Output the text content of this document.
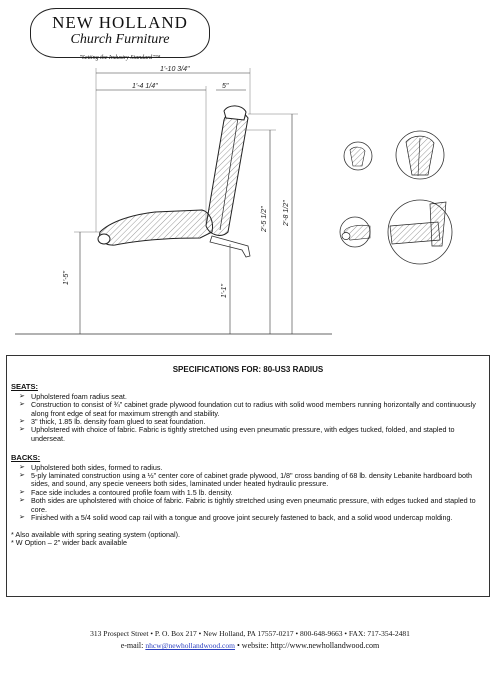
NEW HOLLAND
Church Furniture
"Setting the Industry Standard"™
1'-10 3/4"
1'-4 1/4"	5"
1'-5"
1'-1"
2'-5 1/2" 2'-8 1/2"
SPECIFICATIONS FOR: 80-US3 RADIUS
SEATS:
➢ Upholstered foam radius seat.
➢ Construction to consist of ¾" cabinet grade plywood foundation cut to radius with solid wood members running horizontally and continuously along front edge of seat for maximum strength and stability.
➢ 3" thick, 1.85 lb. density foam glued to seat foundation.
➢ Upholstered with choice of fabric. Fabric is tightly stretched using even pneumatic pressure, with edges tucked, folded, and stapled to underseat.
BACKS:
➢ Upholstered both sides, formed to radius.
➢ 5-ply laminated construction using a ½" center core of cabinet grade plywood, 1/8" cross banding of 68 lb. density Lebanite hardboard both sides, and sound, any specie veneers both sides, laminated under heated hydraulic pressure.
➢ Face side includes a contoured profile foam with 1.5 lb. density.
➢ Both sides are upholstered with choice of fabric. Fabric is tightly stretched using even pneumatic pressure, with edges tucked and stapled to core.
➢ Finished with a 5/4 solid wood cap rail with a tongue and groove joint securely fastened to back, and a solid wood undercap molding.
* Also available with spring seating system (optional).
* W Option – 2" wider back available
313 Prospect Street • P. O. Box 217 • New Holland, PA 17557-0217 • 800-648-9663 • FAX: 717-354-2481
e-mail: nhcw@newhollandwood.com • website: http://www.newhollandwood.com
